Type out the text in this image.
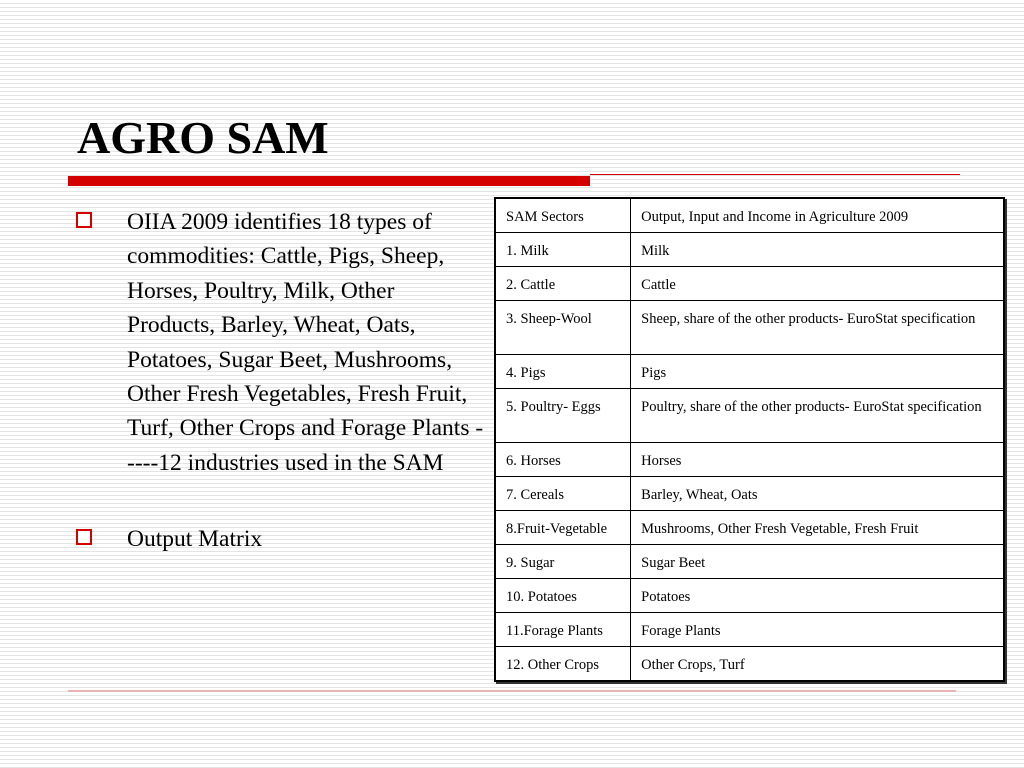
AGRO SAM
OIIA 2009 identifies 18 types of commodities: Cattle, Pigs, Sheep, Horses, Poultry, Milk, Other Products, Barley, Wheat, Oats, Potatoes, Sugar Beet, Mushrooms, Other Fresh Vegetables, Fresh Fruit, Turf, Other Crops and Forage Plants -----12 industries used in the SAM
Output Matrix
SAM Sectors	Output, Input and Income in Agriculture 2009
1. Milk	Milk
2. Cattle	Cattle
3. Sheep-Wool	Sheep, share of the other products- EuroStat specification
4. Pigs	Pigs
5. Poultry- Eggs	Poultry, share of the other products- EuroStat specification
6. Horses	Horses
7. Cereals	Barley, Wheat, Oats
8.Fruit-Vegetable	Mushrooms, Other Fresh Vegetable, Fresh Fruit
9. Sugar	Sugar Beet
10. Potatoes	Potatoes
11.Forage Plants	Forage Plants
12. Other Crops	Other Crops, Turf
